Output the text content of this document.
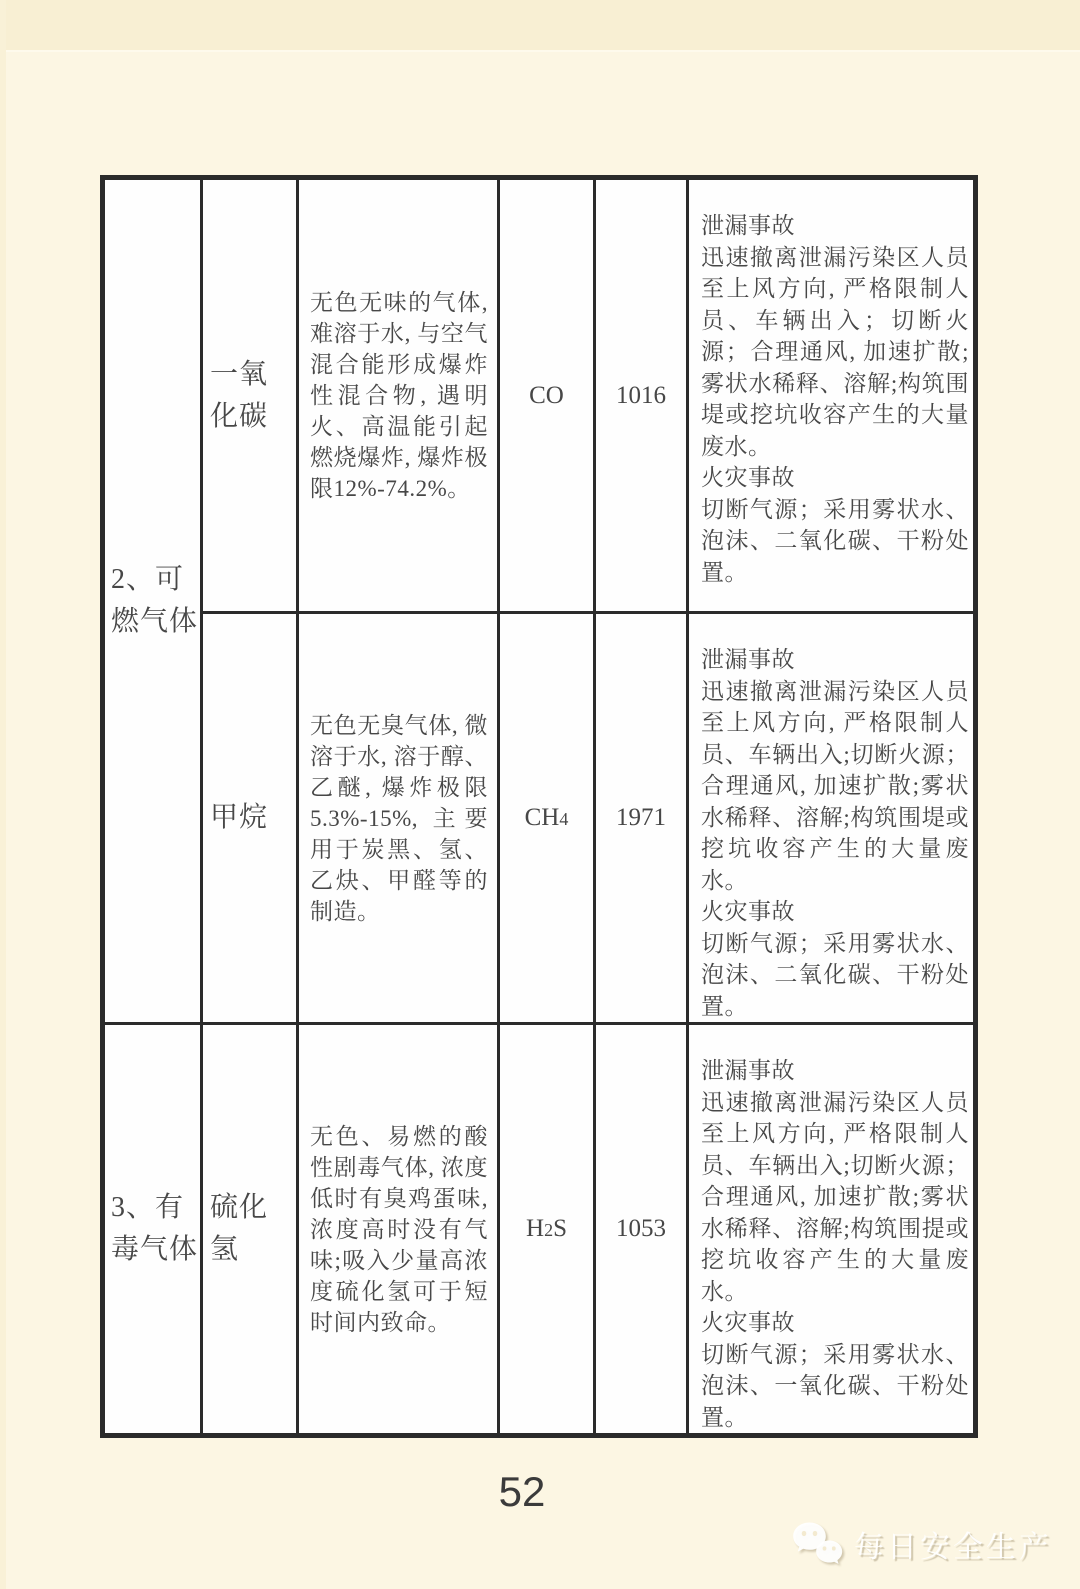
2、可燃气体	一氧化碳	无色无味的气体, 难溶于水, 与空气混合能形成爆炸性混合物, 遇明火、高温能引起燃烧爆炸, 爆炸极限12%-74.2%。	CO	1016	泄漏事故
迅速撤离泄漏污染区人员至上风方向, 严格限制人员、车辆出入；切断火源；合理通风, 加速扩散;雾状水稀释、溶解;构筑围堤或挖坑收容产生的大量废水。
火灾事故
切断气源；采用雾状水、泡沫、二氧化碳、干粉处置。

	甲烷	无色无臭气体, 微溶于水, 溶于醇、乙醚, 爆炸极限5.3%-15%, 主要用于炭黑、氢、乙炔、甲醛等的制造。	CH4	1971	泄漏事故
迅速撤离泄漏污染区人员至上风方向, 严格限制人员、车辆出入;切断火源；合理通风, 加速扩散;雾状水稀释、溶解;构筑围堤或挖坑收容产生的大量废水。
火灾事故
切断气源；采用雾状水、泡沫、二氧化碳、干粉处置。

3、有毒气体	硫化氢	无色、易燃的酸性剧毒气体, 浓度低时有臭鸡蛋味, 浓度高时没有气味;吸入少量高浓度硫化氢可于短时间内致命。	H2S	1053	泄漏事故
迅速撤离泄漏污染区人员至上风方向, 严格限制人员、车辆出入;切断火源；合理通风, 加速扩散;雾状水稀释、溶解;构筑围提或挖坑收容产生的大量废水。
火灾事故
切断气源；采用雾状水、泡沫、一氧化碳、干粉处置。
52
每日安全生产
